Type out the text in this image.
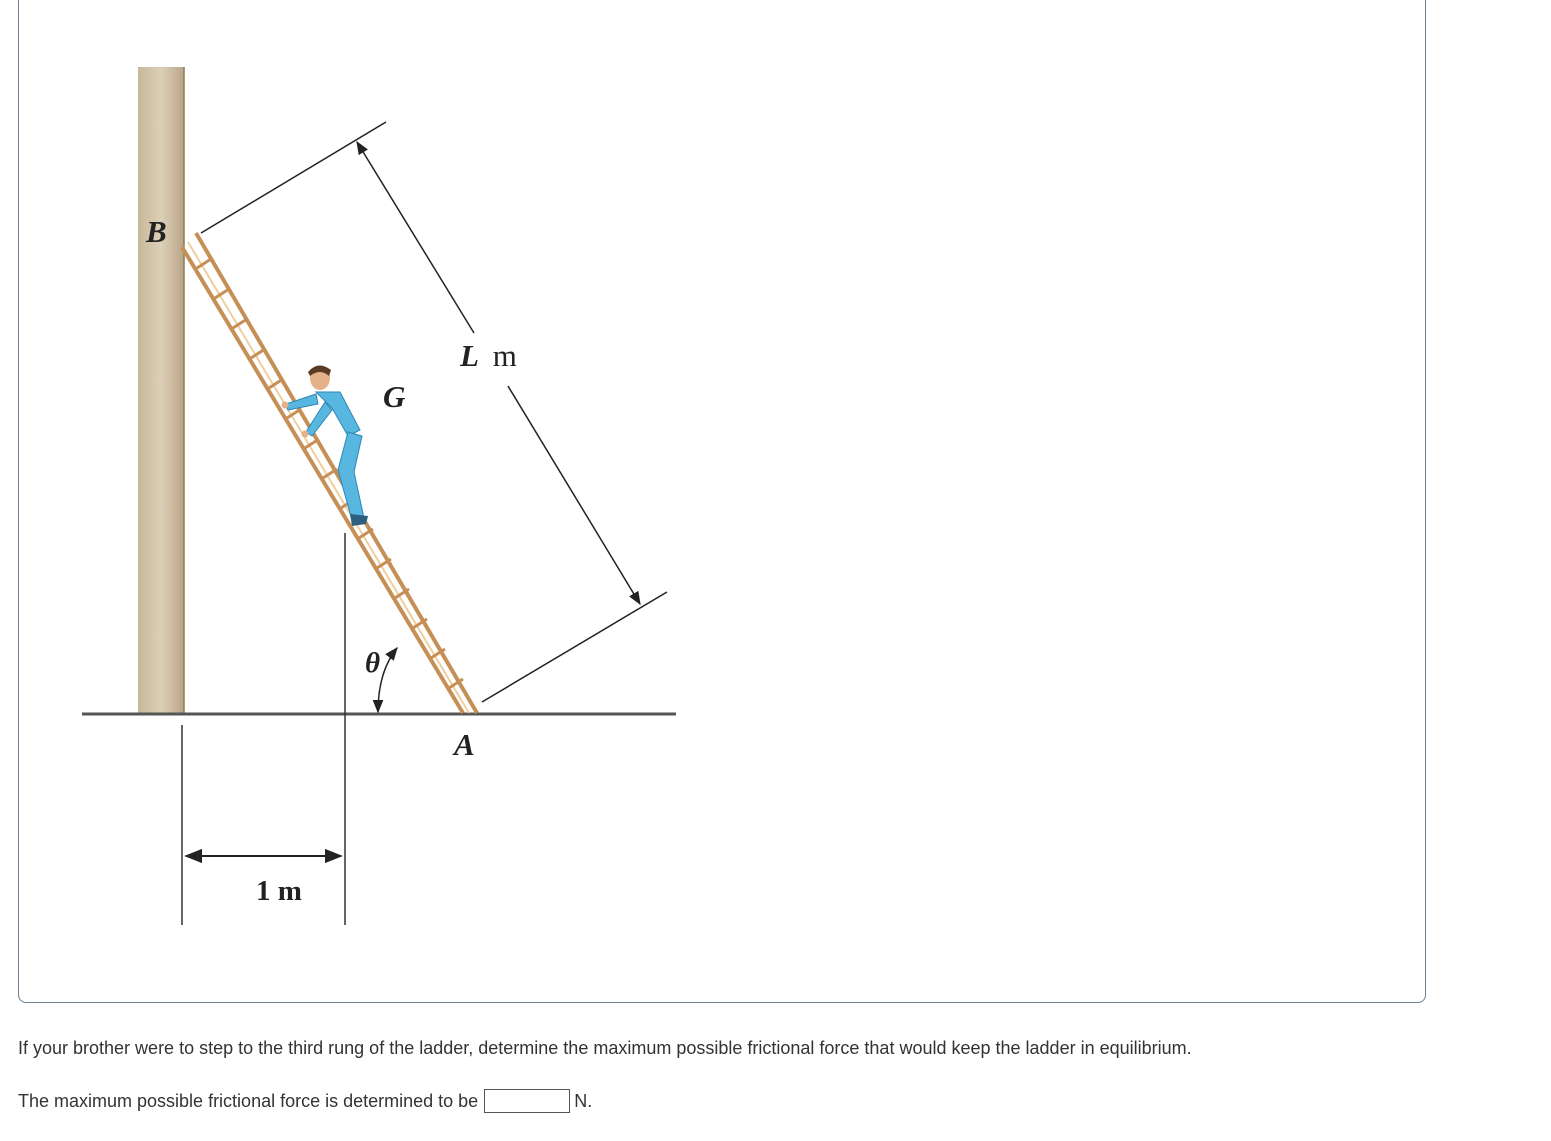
B
G
A
θ
L m
1 m
If your brother were to step to the third rung of the ladder, determine the maximum possible frictional force that would keep the ladder in equilibrium.
The maximum possible frictional force is determined to be	N.
